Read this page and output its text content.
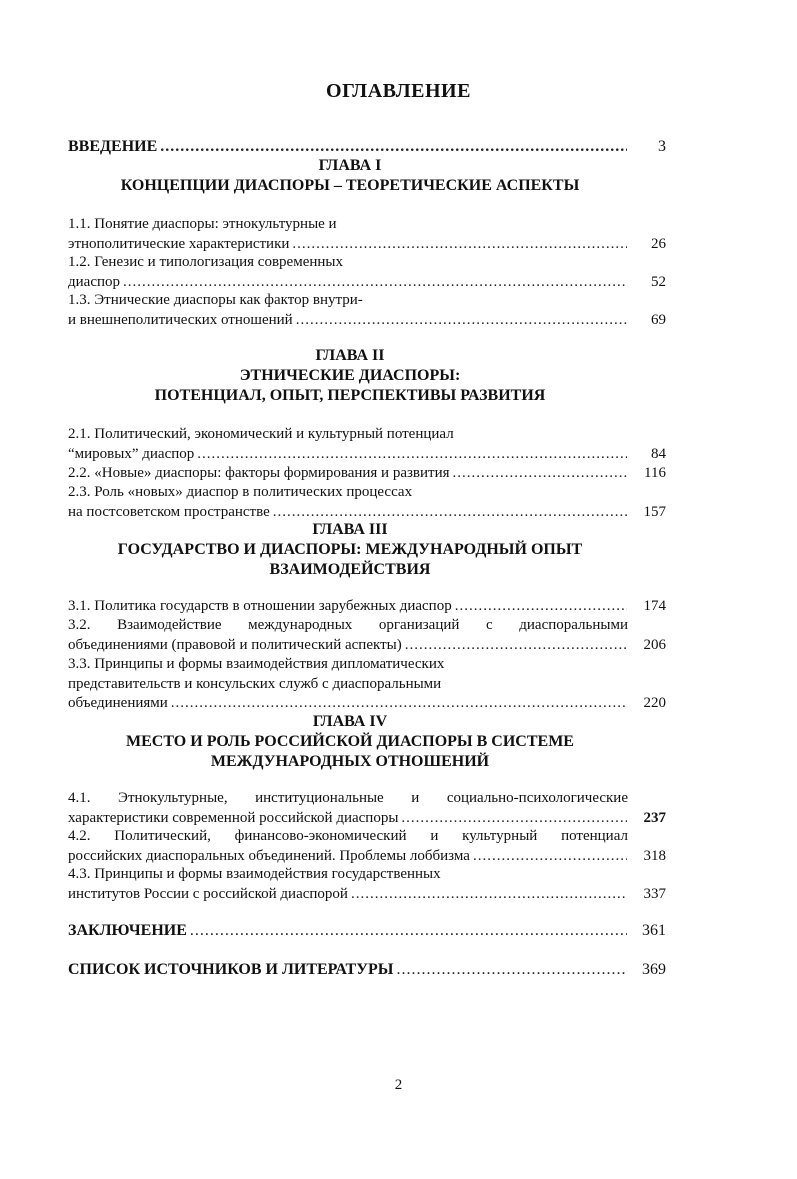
ОГЛАВЛЕНИЕ
ВВЕДЕНИЕ .....	3
ГЛАВА I
КОНЦЕПЦИИ ДИАСПОРЫ – ТЕОРЕТИЧЕСКИЕ АСПЕКТЫ
1.1. Понятие диаспоры: этнокультурные и
этнополитические характеристики .....	26
1.2. Генезис и типологизация современных
диаспор .....	52
1.3. Этнические диаспоры как фактор внутри-
и внешнеполитических отношений .....	69
ГЛАВА II
ЭТНИЧЕСКИЕ ДИАСПОРЫ:
ПОТЕНЦИАЛ, ОПЫТ, ПЕРСПЕКТИВЫ РАЗВИТИЯ
2.1. Политический, экономический и культурный потенциал
“мировых” диаспор .....	84
2.2. «Новые» диаспоры: факторы формирования и развития .....	116
2.3. Роль «новых» диаспор в политических процессах
на постсоветском пространстве .....	157
ГЛАВА III
ГОСУДАРСТВО И ДИАСПОРЫ: МЕЖДУНАРОДНЫЙ ОПЫТ
ВЗАИМОДЕЙСТВИЯ
3.1. Политика государств в отношении зарубежных диаспор .....	174
3.2. Взаимодействие международных организаций с диаспоральными
объединениями (правовой и политический аспекты) .....	206
3.3. Принципы и формы взаимодействия дипломатических
представительств и консульских служб с диаспоральными
объединениями .....	220
ГЛАВА IV
МЕСТО И РОЛЬ РОССИЙСКОЙ ДИАСПОРЫ В СИСТЕМЕ
МЕЖДУНАРОДНЫХ ОТНОШЕНИЙ
4.1. Этнокультурные, институциональные и социально-психологические
характеристики современной российской диаспоры .....	237
4.2. Политический, финансово-экономический и культурный потенциал
российских диаспоральных объединений. Проблемы лоббизма .....	318
4.3. Принципы и формы взаимодействия государственных
институтов России с российской диаспорой .....	337
ЗАКЛЮЧЕНИЕ .....	361
СПИСОК ИСТОЧНИКОВ И ЛИТЕРАТУРЫ .....	369
2
